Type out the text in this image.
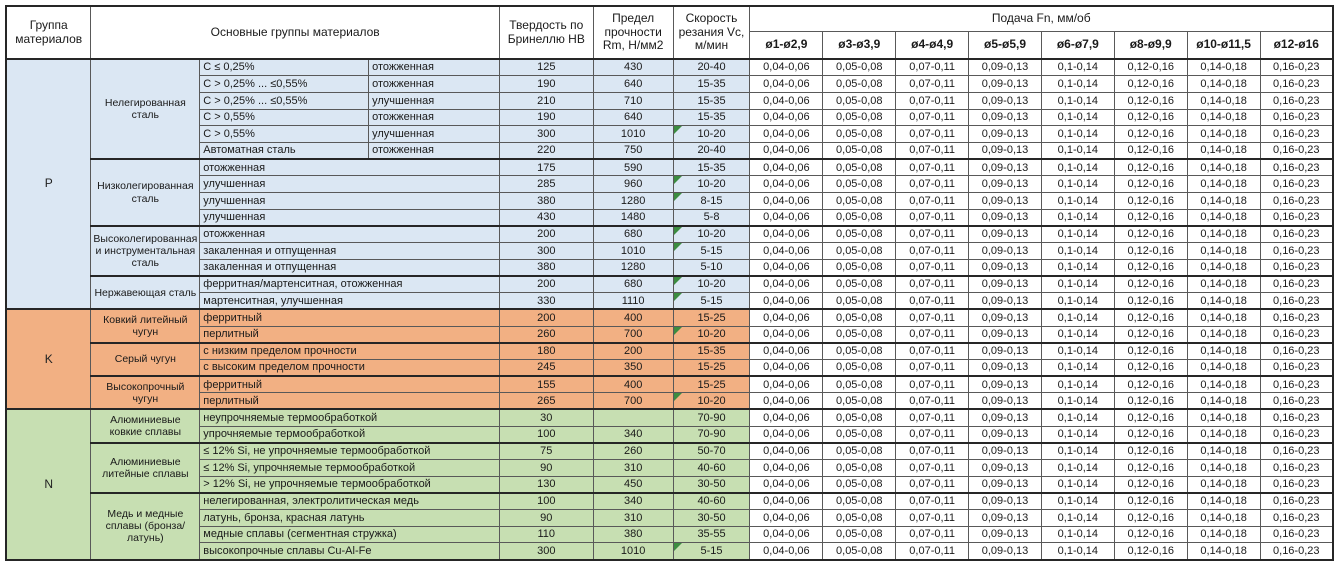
Группа материалов	Основные группы материалов			Твердость по Бринеллю HB	Предел прочности Rm, Н/мм2	Скорость резания Vc, м/мин	Подача Fn, мм/об							
							ø1-ø2,9	ø3-ø3,9	ø4-ø4,9	ø5-ø5,9	ø6-ø7,9	ø8-ø9,9	ø10-ø11,5	ø12-ø16
P	Нелегированная сталь	C ≤ 0,25%	отожженная	125	430	20-40	0,04-0,06	0,05-0,08	0,07-0,11	0,09-0,13	0,1-0,14	0,12-0,16	0,14-0,18	0,16-0,23
		C > 0,25% ... ≤0,55%	отожженная	190	640	15-35	0,04-0,06	0,05-0,08	0,07-0,11	0,09-0,13	0,1-0,14	0,12-0,16	0,14-0,18	0,16-0,23
		C > 0,25% ... ≤0,55%	улучшенная	210	710	15-35	0,04-0,06	0,05-0,08	0,07-0,11	0,09-0,13	0,1-0,14	0,12-0,16	0,14-0,18	0,16-0,23
		C > 0,55%	отожженная	190	640	15-35	0,04-0,06	0,05-0,08	0,07-0,11	0,09-0,13	0,1-0,14	0,12-0,16	0,14-0,18	0,16-0,23
		C > 0,55%	улучшенная	300	1010	10-20	0,04-0,06	0,05-0,08	0,07-0,11	0,09-0,13	0,1-0,14	0,12-0,16	0,14-0,18	0,16-0,23
		Автоматная сталь	отожженная	220	750	20-40	0,04-0,06	0,05-0,08	0,07-0,11	0,09-0,13	0,1-0,14	0,12-0,16	0,14-0,18	0,16-0,23
	Низколегированная сталь	отожженная		175	590	15-35	0,04-0,06	0,05-0,08	0,07-0,11	0,09-0,13	0,1-0,14	0,12-0,16	0,14-0,18	0,16-0,23
		улучшенная		285	960	10-20	0,04-0,06	0,05-0,08	0,07-0,11	0,09-0,13	0,1-0,14	0,12-0,16	0,14-0,18	0,16-0,23
		улучшенная		380	1280	8-15	0,04-0,06	0,05-0,08	0,07-0,11	0,09-0,13	0,1-0,14	0,12-0,16	0,14-0,18	0,16-0,23
		улучшенная		430	1480	5-8	0,04-0,06	0,05-0,08	0,07-0,11	0,09-0,13	0,1-0,14	0,12-0,16	0,14-0,18	0,16-0,23
	Высоколегированная и инструментальная сталь	отожженная		200	680	10-20	0,04-0,06	0,05-0,08	0,07-0,11	0,09-0,13	0,1-0,14	0,12-0,16	0,14-0,18	0,16-0,23
		закаленная и отпущенная		300	1010	5-15	0,04-0,06	0,05-0,08	0,07-0,11	0,09-0,13	0,1-0,14	0,12-0,16	0,14-0,18	0,16-0,23
		закаленная и отпущенная		380	1280	5-10	0,04-0,06	0,05-0,08	0,07-0,11	0,09-0,13	0,1-0,14	0,12-0,16	0,14-0,18	0,16-0,23
	Нержавеющая сталь	ферритная/мартенситная, отожженная		200	680	10-20	0,04-0,06	0,05-0,08	0,07-0,11	0,09-0,13	0,1-0,14	0,12-0,16	0,14-0,18	0,16-0,23
		мартенситная, улучшенная		330	1110	5-15	0,04-0,06	0,05-0,08	0,07-0,11	0,09-0,13	0,1-0,14	0,12-0,16	0,14-0,18	0,16-0,23
K	Ковкий литейный чугун	ферритный		200	400	15-25	0,04-0,06	0,05-0,08	0,07-0,11	0,09-0,13	0,1-0,14	0,12-0,16	0,14-0,18	0,16-0,23
		перлитный		260	700	10-20	0,04-0,06	0,05-0,08	0,07-0,11	0,09-0,13	0,1-0,14	0,12-0,16	0,14-0,18	0,16-0,23
	Серый чугун	с низким пределом прочности		180	200	15-35	0,04-0,06	0,05-0,08	0,07-0,11	0,09-0,13	0,1-0,14	0,12-0,16	0,14-0,18	0,16-0,23
		с высоким пределом прочности		245	350	15-25	0,04-0,06	0,05-0,08	0,07-0,11	0,09-0,13	0,1-0,14	0,12-0,16	0,14-0,18	0,16-0,23
	Высокопрочный чугун	ферритный		155	400	15-25	0,04-0,06	0,05-0,08	0,07-0,11	0,09-0,13	0,1-0,14	0,12-0,16	0,14-0,18	0,16-0,23
		перлитный		265	700	10-20	0,04-0,06	0,05-0,08	0,07-0,11	0,09-0,13	0,1-0,14	0,12-0,16	0,14-0,18	0,16-0,23
N	Алюминиевые ковкие сплавы	неупрочняемые термообработкой		30		70-90	0,04-0,06	0,05-0,08	0,07-0,11	0,09-0,13	0,1-0,14	0,12-0,16	0,14-0,18	0,16-0,23
		упрочняемые термообработкой		100	340	70-90	0,04-0,06	0,05-0,08	0,07-0,11	0,09-0,13	0,1-0,14	0,12-0,16	0,14-0,18	0,16-0,23
	Алюминиевые литейные сплавы	≤ 12% Si, не упрочняемые термообработкой		75	260	50-70	0,04-0,06	0,05-0,08	0,07-0,11	0,09-0,13	0,1-0,14	0,12-0,16	0,14-0,18	0,16-0,23
		≤ 12% Si, упрочняемые термообработкой		90	310	40-60	0,04-0,06	0,05-0,08	0,07-0,11	0,09-0,13	0,1-0,14	0,12-0,16	0,14-0,18	0,16-0,23
		> 12% Si, не упрочняемые термообработкой		130	450	30-50	0,04-0,06	0,05-0,08	0,07-0,11	0,09-0,13	0,1-0,14	0,12-0,16	0,14-0,18	0,16-0,23
	Медь и медные сплавы (бронза/латунь)	нелегированная, электролитическая медь		100	340	40-60	0,04-0,06	0,05-0,08	0,07-0,11	0,09-0,13	0,1-0,14	0,12-0,16	0,14-0,18	0,16-0,23
		латунь, бронза, красная латунь		90	310	30-50	0,04-0,06	0,05-0,08	0,07-0,11	0,09-0,13	0,1-0,14	0,12-0,16	0,14-0,18	0,16-0,23
		медные сплавы (сегментная стружка)		110	380	35-55	0,04-0,06	0,05-0,08	0,07-0,11	0,09-0,13	0,1-0,14	0,12-0,16	0,14-0,18	0,16-0,23
		высокопрочные сплавы Cu-Al-Fe		300	1010	5-15	0,04-0,06	0,05-0,08	0,07-0,11	0,09-0,13	0,1-0,14	0,12-0,16	0,14-0,18	0,16-0,23
